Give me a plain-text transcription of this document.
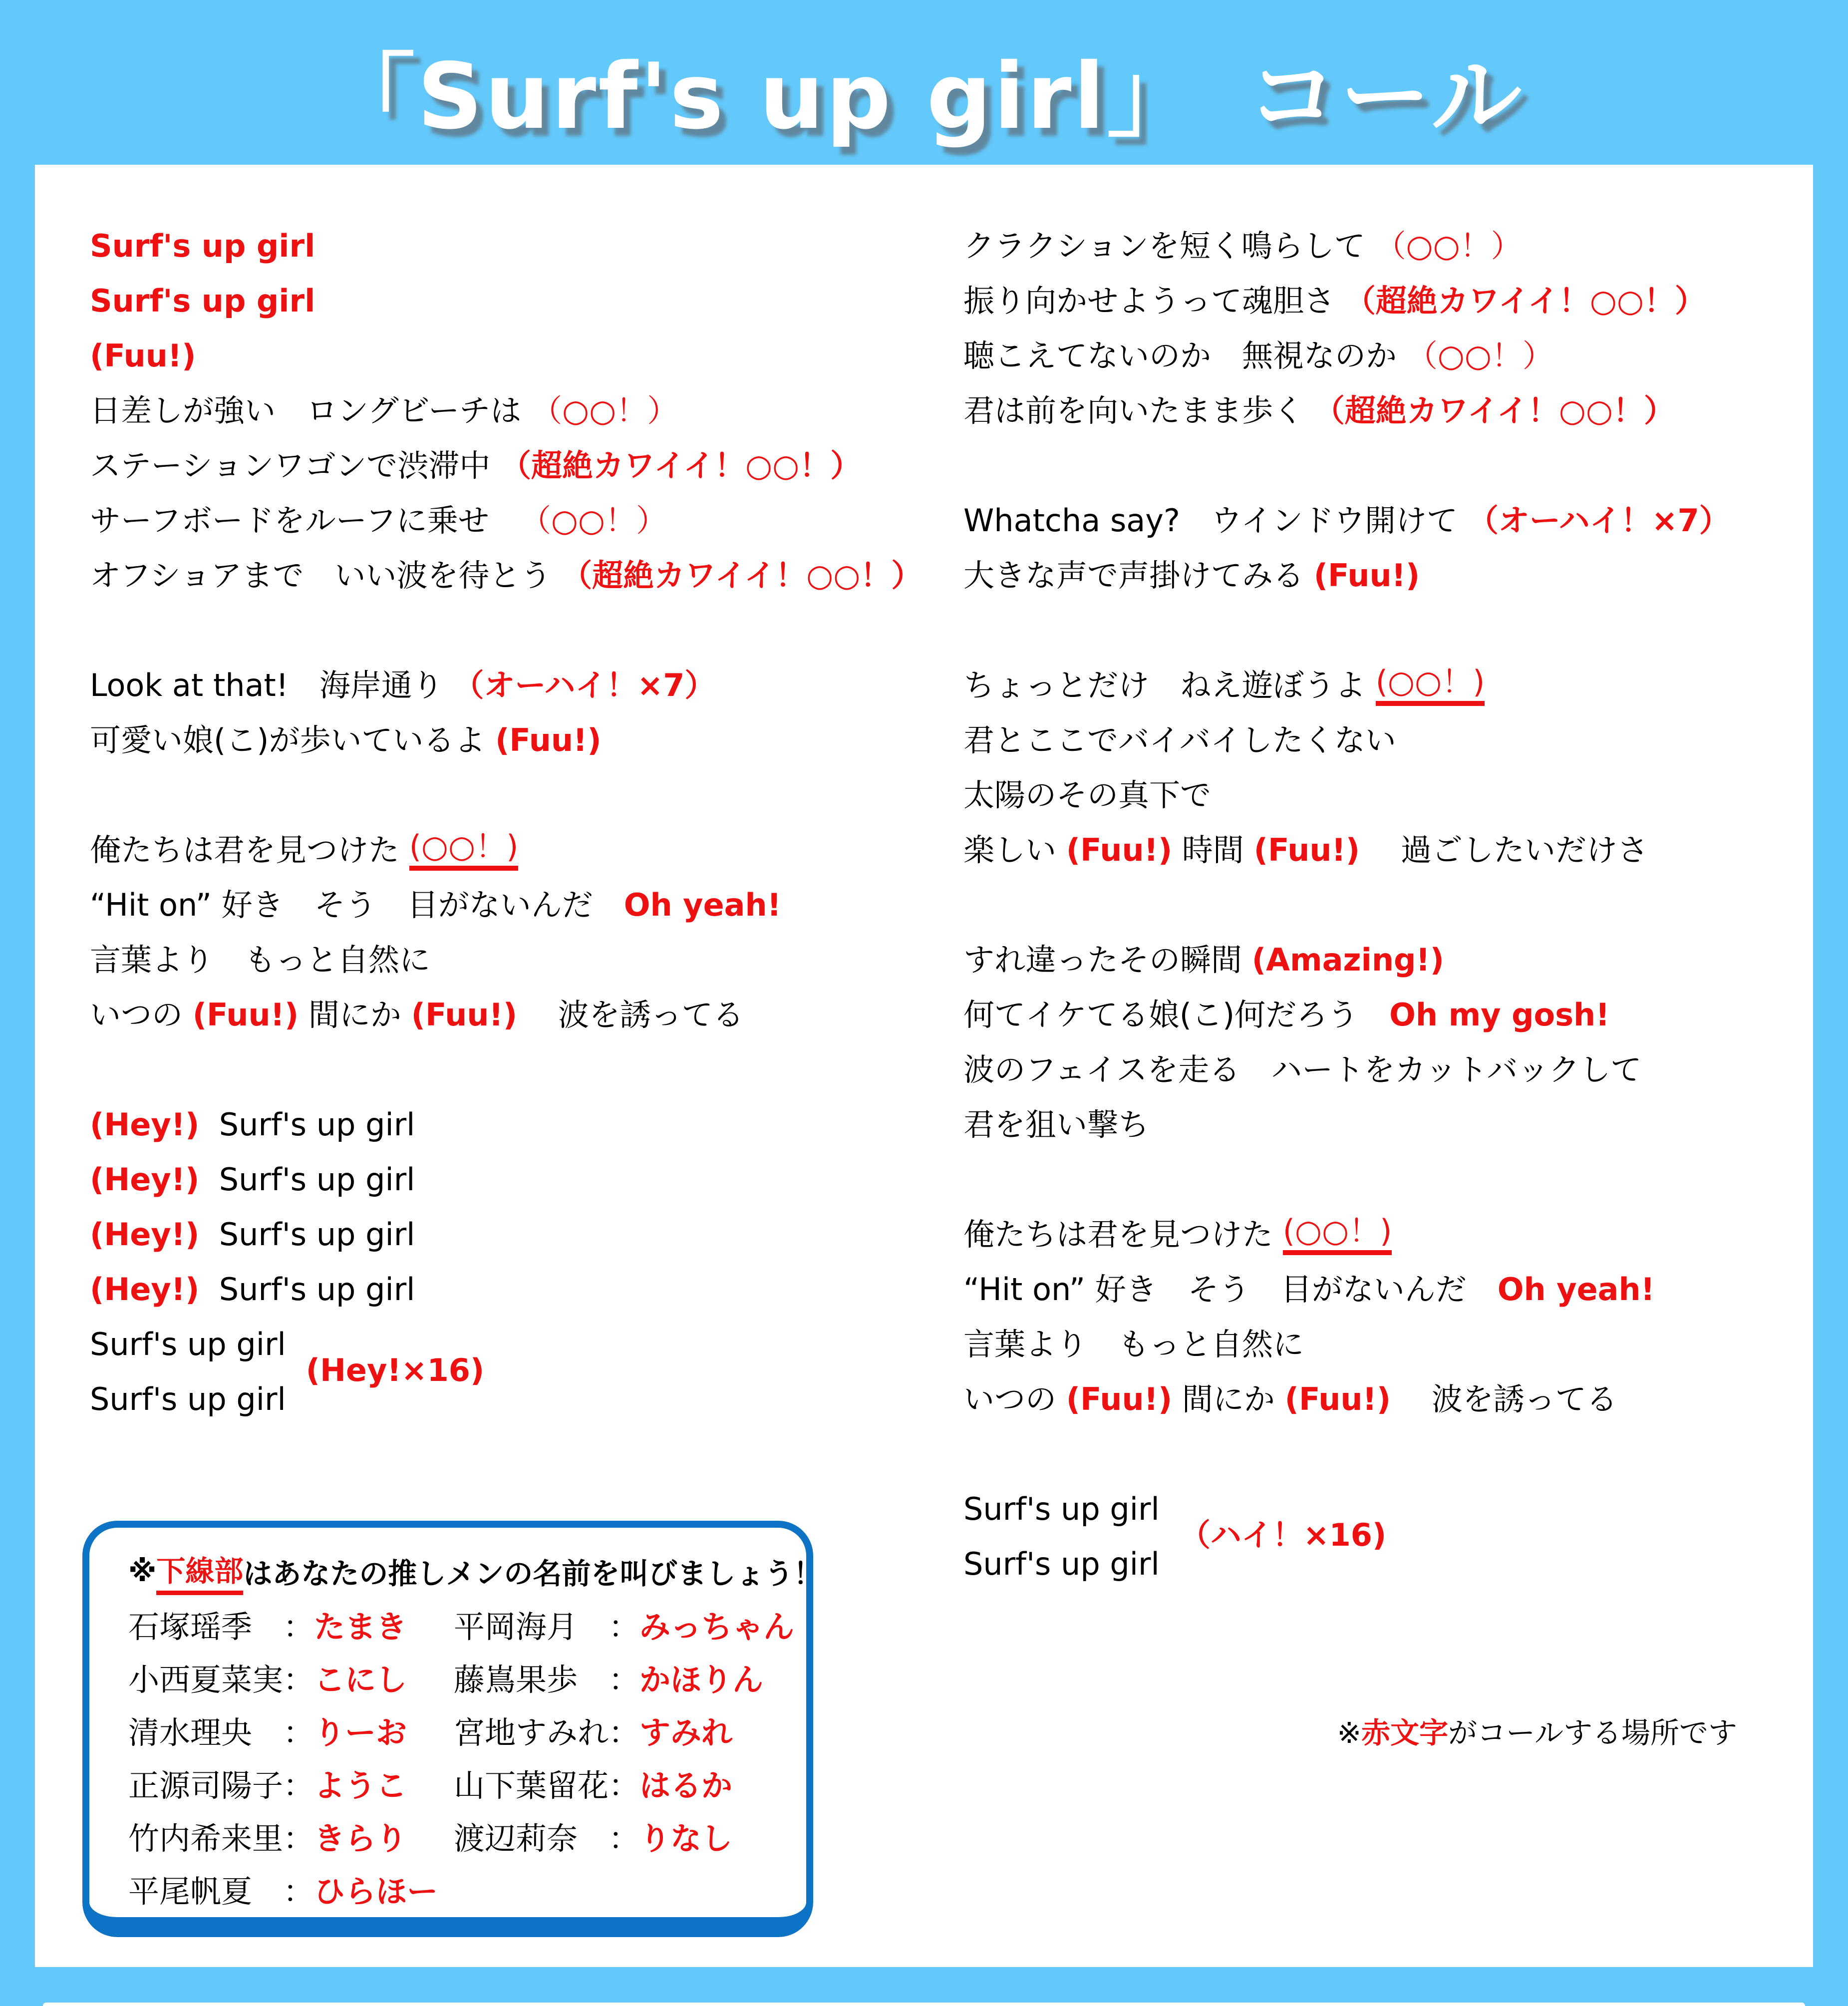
「Surf's up girl」　コール
Surf's up girl
Surf's up girl
(Fuu!)
日差しが強い　ロングビーチは （○○！）
ステーションワゴンで渋滞中 （超絶カワイイ！○○！）
サーフボードをルーフに乗せ　 （○○！）
オフショアまで　いい波を待とう （超絶カワイイ！○○！）
Look at that!　海岸通り （オーハイ！×7）
可愛い娘(こ)が歩いているよ (Fuu!)
俺たちは君を見つけた (○○！)
“Hit on” 好き　そう　目がないんだ　 Oh yeah!
言葉より　もっと自然に
いつの (Fuu!) 間にか (Fuu!) 　 波を誘ってる
(Hey!) Surf's up girl
(Hey!) Surf's up girl
(Hey!) Surf's up girl
(Hey!) Surf's up girl
Surf's up girl
(Hey!×16)
Surf's up girl
クラクションを短く鳴らして （○○！）
振り向かせようって魂胆さ （超絶カワイイ！○○！）
聴こえてないのか　無視なのか （○○！）
君は前を向いたまま歩く （超絶カワイイ！○○！）
Whatcha say?　ウインドウ開けて （オーハイ！×7）
大きな声で声掛けてみる (Fuu!)
ちょっとだけ　ねえ遊ぼうよ (○○！)
君とここでバイバイしたくない
太陽のその真下で
楽しい (Fuu!) 時間 (Fuu!) 　 過ごしたいだけさ
すれ違ったその瞬間 (Amazing!)
何てイケてる娘(こ)何だろう　 Oh my gosh!
波のフェイスを走る　ハートをカットバックして
君を狙い撃ち
俺たちは君を見つけた (○○！)
“Hit on” 好き　そう　目がないんだ　 Oh yeah!
言葉より　もっと自然に
いつの (Fuu!) 間にか (Fuu!) 　 波を誘ってる
Surf's up girl
（ハイ！×16)
Surf's up girl
※ 下線部 はあなたの推しメンの名前を叫びましょう！
石塚瑶季　： たまき
小西夏菜実： こにし
清水理央　： りーお
正源司陽子： ようこ
竹内希来里： きらり
平尾帆夏　： ひらほー
平岡海月　： みっちゃん
藤嶌果歩　： かほりん
宮地すみれ： すみれ
山下葉留花： はるか
渡辺莉奈　： りなし
※赤文字がコールする場所です
